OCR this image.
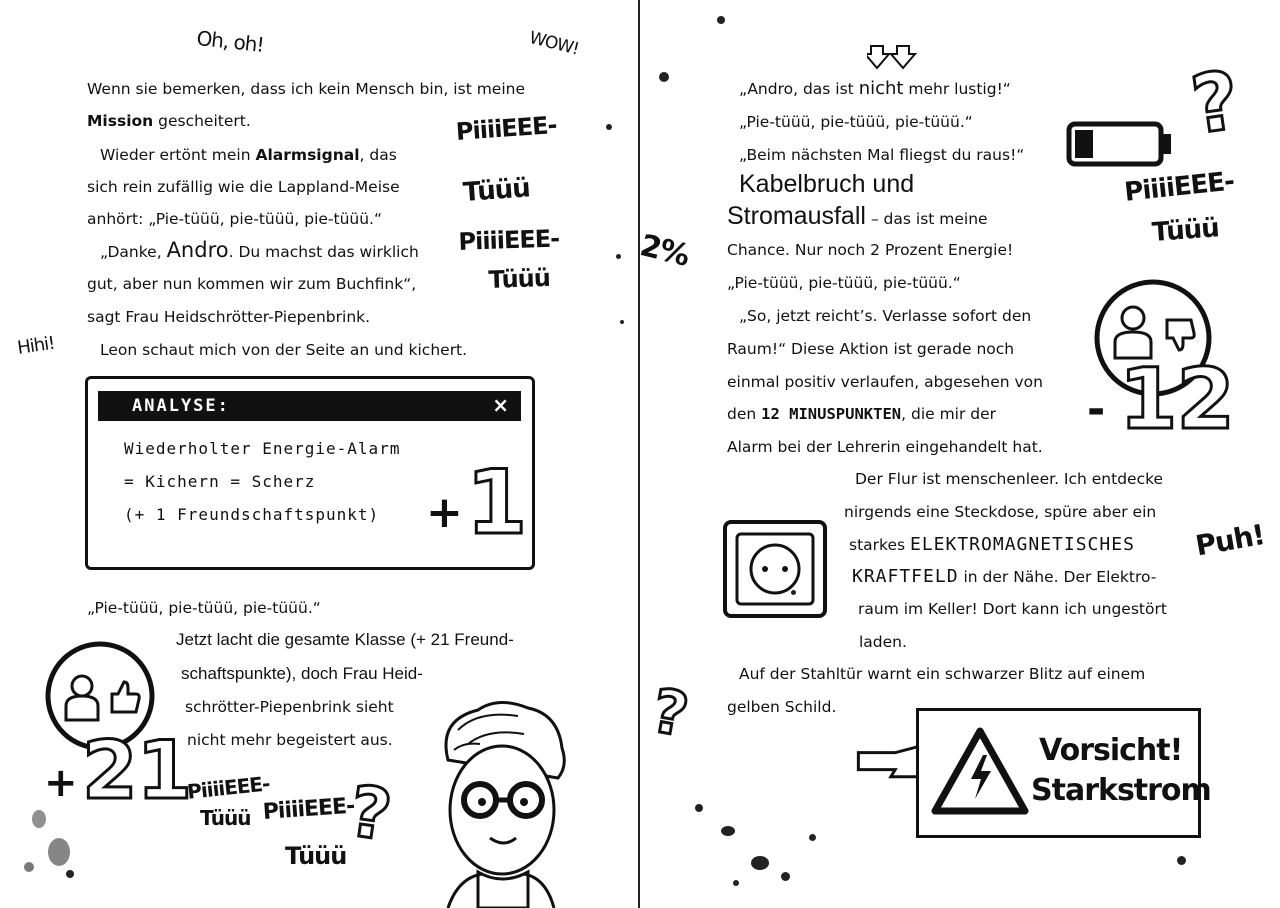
Oh, oh!	WOW!
Hihi!
Wenn sie bemerken, dass ich kein Mensch bin, ist meine
Mission gescheitert.
Wieder ertönt mein Alarmsignal, das
sich rein zufällig wie die Lappland-Meise
anhört: „Pie-tüüü, pie-tüüü, pie-tüüü.“
„Danke, Andro. Du machst das wirklich
gut, aber nun kommen wir zum Buchfink“,
sagt Frau Heidschrötter-Piepenbrink.
Leon schaut mich von der Seite an und kichert.
PiiiiEEE-
Tüüü
PiiiiEEE-
Tüüü
ANALYSE:	×
Wiederholter Energie-Alarm
= Kichern = Scherz
(+ 1 Freundschaftspunkt) + 1
„Pie-tüüü, pie-tüüü, pie-tüüü.“
Jetzt lacht die gesamte Klasse (+ 21 Freund-
schaftspunkte), doch Frau Heid-
schrötter-Piepenbrink sieht
nicht mehr begeistert aus.
+ 21
PiiiiEEE-
Tüüü PiiiiEEE-
Tüüü
?
„Andro, das ist nicht mehr lustig!“
„Pie-tüüü, pie-tüüü, pie-tüüü.“
„Beim nächsten Mal fliegst du raus!“
Kabelbruch und
Stromausfall – das ist meine
Chance. Nur noch 2 Prozent Energie!
„Pie-tüüü, pie-tüüü, pie-tüüü.“
„So, jetzt reicht’s. Verlasse sofort den
Raum!“ Diese Aktion ist gerade noch
einmal positiv verlaufen, abgesehen von
den 12 MINUSPUNKTEN, die mir der
Alarm bei der Lehrerin eingehandelt hat.
Der Flur ist menschenleer. Ich entdecke
nirgends eine Steckdose, spüre aber ein
starkes ELEKTROMAGNETISCHES
KRAFTFELD in der Nähe. Der Elektro-
raum im Keller! Dort kann ich ungestört
laden.
Auf der Stahltür warnt ein schwarzer Blitz auf einem
gelben Schild.
2%
?
PiiiiEEE-
Tüüü
- 12
Puh!
?	Vorsicht!
Starkstrom
